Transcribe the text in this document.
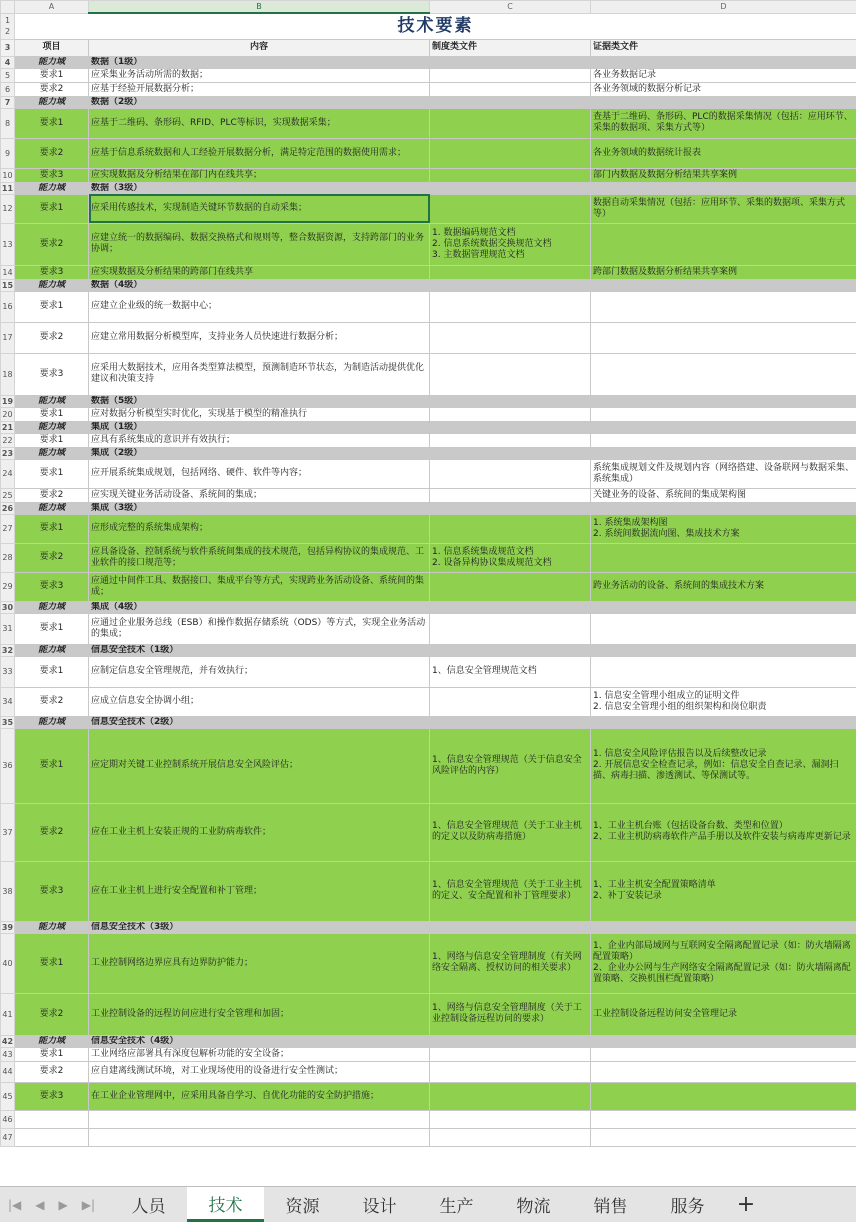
	A	B	C	D
1
2	技术要素			
3	项目	内容	制度类文件	证据类文件
4	能力域	数据（1级）		
5	要求1	应采集业务活动所需的数据；		各业务数据记录
6	要求2	应基于经验开展数据分析；		各业务领域的数据分析记录
7	能力域	数据（2级）		
8	要求1	应基于二维码、条形码、RFID、PLC等标识，实现数据采集；		查基于二维码、条形码、PLC的数据采集情况（包括：应用环节、采集的数据项、采集方式等）
9	要求2	应基于信息系统数据和人工经验开展数据分析，满足特定范围的数据使用需求；		各业务领域的数据统计报表
10	要求3	应实现数据及分析结果在部门内在线共享；		部门内数据及数据分析结果共享案例
11	能力域	数据（3级）		
12	要求1	应采用传感技术，实现制造关键环节数据的自动采集；		数据自动采集情况（包括：应用环节、采集的数据项、采集方式等）
13	要求2	应建立统一的数据编码、数据交换格式和规则等，整合数据资源，支持跨部门的业务协调；	1. 数据编码规范文档
2. 信息系统数据交换规范文档
3. 主数据管理规范文档	
14	要求3	应实现数据及分析结果的跨部门在线共享		跨部门数据及数据分析结果共享案例
15	能力域	数据（4级）		
16	要求1	应建立企业级的统一数据中心；		
17	要求2	应建立常用数据分析模型库，支持业务人员快速进行数据分析；		
18	要求3	应采用大数据技术，应用各类型算法模型，预测制造环节状态，为制造活动提供优化建议和决策支持		
19	能力域	数据（5级）		
20	要求1	应对数据分析模型实时优化，实现基于模型的精准执行		
21	能力域	集成（1级）		
22	要求1	应具有系统集成的意识并有效执行；		
23	能力域	集成（2级）		
24	要求1	应开展系统集成规划，包括网络、硬件、软件等内容；		系统集成规划文件及规划内容（网络搭建、设备联网与数据采集、系统集成）
25	要求2	应实现关键业务活动设备、系统间的集成；		关键业务的设备、系统间的集成架构图
26	能力域	集成（3级）		
27	要求1	应形成完整的系统集成架构；		1. 系统集成架构图
2. 系统间数据流向图、集成技术方案
28	要求2	应具备设备、控制系统与软件系统间集成的技术规范，包括异构协议的集成规范、工业软件的接口规范等；	1. 信息系统集成规范文档
2. 设备异构协议集成规范文档	
29	要求3	应通过中间件工具、数据接口、集成平台等方式，实现跨业务活动设备、系统间的集成；		跨业务活动的设备、系统间的集成技术方案
30	能力域	集成（4级）		
31	要求1	应通过企业服务总线（ESB）和操作数据存储系统（ODS）等方式，实现全业务活动的集成；		
32	能力域	信息安全技术（1级）		
33	要求1	应制定信息安全管理规范，并有效执行；	1、信息安全管理规范文档	
34	要求2	应成立信息安全协调小组；		1. 信息安全管理小组成立的证明文件
2. 信息安全管理小组的组织架构和岗位职责
35	能力域	信息安全技术（2级）		
36	要求1	应定期对关键工业控制系统开展信息安全风险评估；	1、信息安全管理规范（关于信息安全风险评估的内容）	1. 信息安全风险评估报告以及后续整改记录
2. 开展信息安全检查记录，例如：信息安全自查记录、漏洞扫描、病毒扫描、渗透测试、等保测试等。
37	要求2	应在工业主机上安装正规的工业防病毒软件；	1、信息安全管理规范（关于工业主机的定义以及防病毒措施）	1、工业主机台账（包括设备台数、类型和位置）
2、工业主机防病毒软件产品手册以及软件安装与病毒库更新记录
38	要求3	应在工业主机上进行安全配置和补丁管理；	1、信息安全管理规范（关于工业主机的定义、安全配置和补丁管理要求）	1、工业主机安全配置策略清单
2、补丁安装记录
39	能力域	信息安全技术（3级）		
40	要求1	工业控制网络边界应具有边界防护能力；	1、网络与信息安全管理制度（有关网络安全隔离、授权访问的相关要求）	1、企业内部局域网与互联网安全隔离配置记录（如：防火墙隔离配置策略）
2、企业办公网与生产网络安全隔离配置记录（如：防火墙隔离配置策略、交换机围栏配置策略）
41	要求2	工业控制设备的远程访问应进行安全管理和加固；	1、网络与信息安全管理制度（关于工业控制设备远程访问的要求）	工业控制设备远程访问安全管理记录
42	能力域	信息安全技术（4级）		
43	要求1	工业网络应部署具有深度包解析功能的安全设备；		
44	要求2	应自建离线测试环境，对工业现场使用的设备进行安全性测试；		
45	要求3	在工业企业管理网中，应采用具备自学习、自优化功能的安全防护措施；		
46				
47				
|◀ ◀ ▶ ▶|	人员	技术	资源	设计	生产	物流	销售	服务	+
